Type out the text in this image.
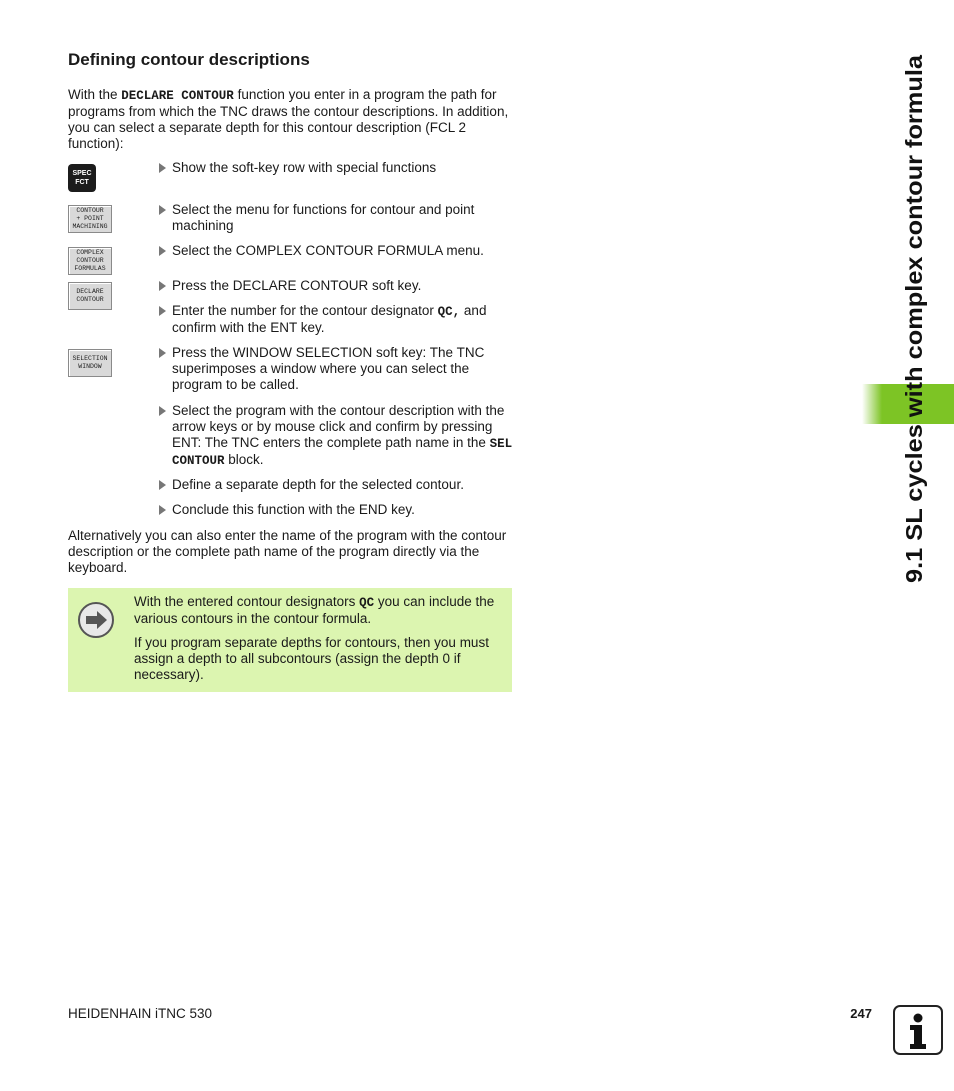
Defining contour descriptions
With the DECLARE CONTOUR function you enter in a program the path for programs from which the TNC draws the contour descriptions. In addition, you can select a separate depth for this contour description (FCL 2 function):
SPEC
FCT
Show the soft-key row with special functions
CONTOUR
+ POINT
MACHINING
Select the menu for functions for contour and point machining
COMPLEX
CONTOUR
FORMULAS
Select the COMPLEX CONTOUR FORMULA menu.
DECLARE
CONTOUR
Press the DECLARE CONTOUR soft key.
Enter the number for the contour designator QC, and confirm with the ENT key.
SELECTION
WINDOW
Press the WINDOW SELECTION soft key: The TNC superimposes a window where you can select the program to be called.
Select the program with the contour description with the arrow keys or by mouse click and confirm by pressing ENT: The TNC enters the complete path name in the SEL CONTOUR block.
Define a separate depth for the selected contour.
Conclude this function with the END key.
Alternatively you can also enter the name of the program with the contour description or the complete path name of the program directly via the keyboard.
With the entered contour designators QC you can include the various contours in the contour formula.
If you program separate depths for contours, then you must assign a depth to all subcontours (assign the depth 0 if necessary).
9.1 SL cycles with complex contour formula
HEIDENHAIN iTNC 530	247
